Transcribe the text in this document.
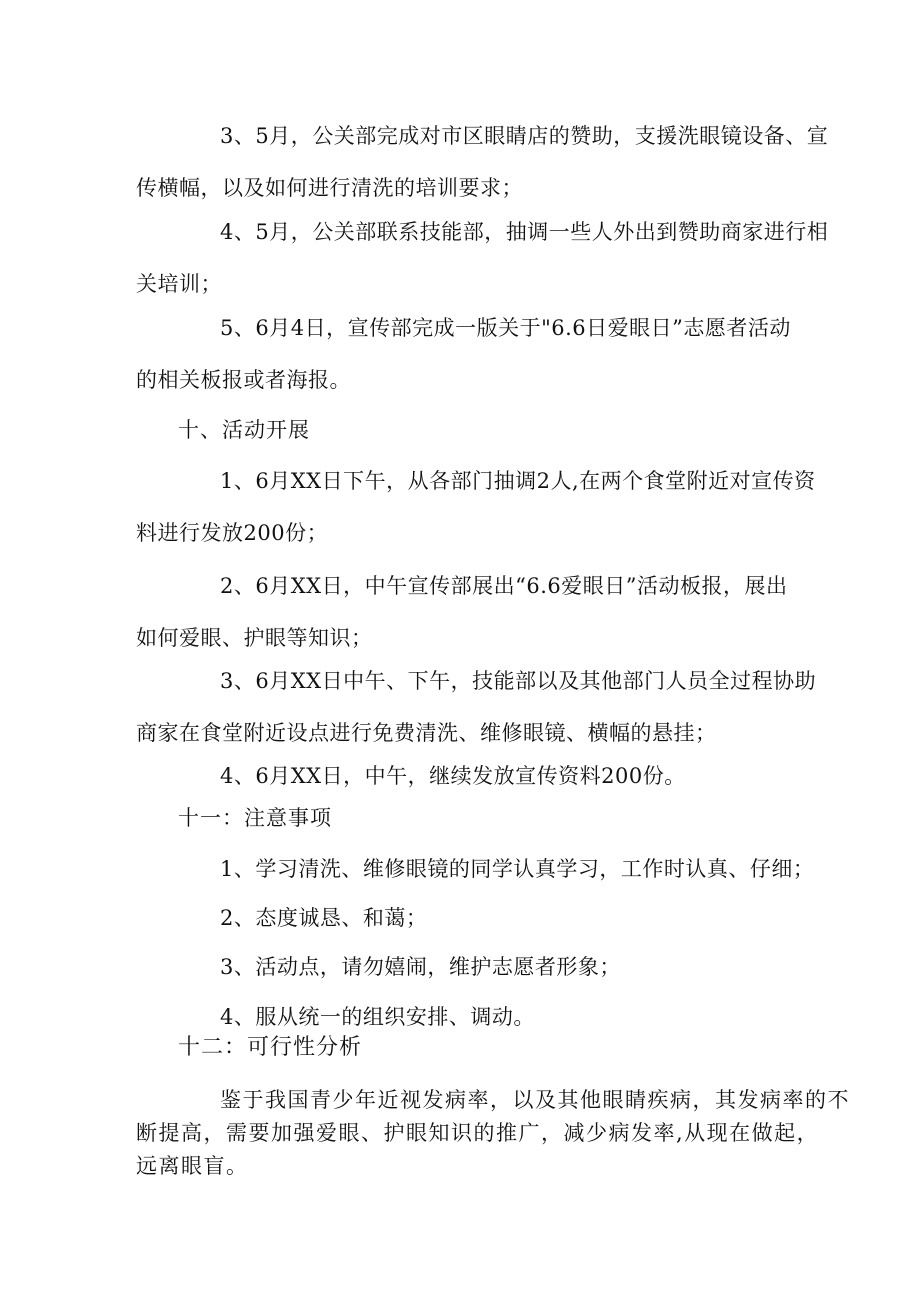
3、5月，公关部完成对市区眼睛店的赞助，支援洗眼镜设备、宣
传横幅，以及如何进行清洗的培训要求；
4、5月，公关部联系技能部，抽调一些人外出到赞助商家进行相
关培训；
5、6月4日，宣传部完成一版关于"6.6日爱眼日”志愿者活动
的相关板报或者海报。
十、活动开展
1、6月XX日下午，从各部门抽调2人,在两个食堂附近对宣传资
料进行发放200份；
2、6月XX日，中午宣传部展出“6.6爱眼日”活动板报，展出
如何爱眼、护眼等知识；
3、6月XX日中午、下午，技能部以及其他部门人员全过程协助
商家在食堂附近设点进行免费清洗、维修眼镜、横幅的悬挂；
4、6月XX日，中午，继续发放宣传资料200份。
十一：注意事项
1、学习清洗、维修眼镜的同学认真学习，工作时认真、仔细；
2、态度诚恳、和蔼；
3、活动点，请勿嬉闹，维护志愿者形象；
4、服从统一的组织安排、调动。
十二：可行性分析
鉴于我国青少年近视发病率，以及其他眼睛疾病，其发病率的不
断提高，需要加强爱眼、护眼知识的推广，减少病发率,从现在做起，
远离眼盲。
